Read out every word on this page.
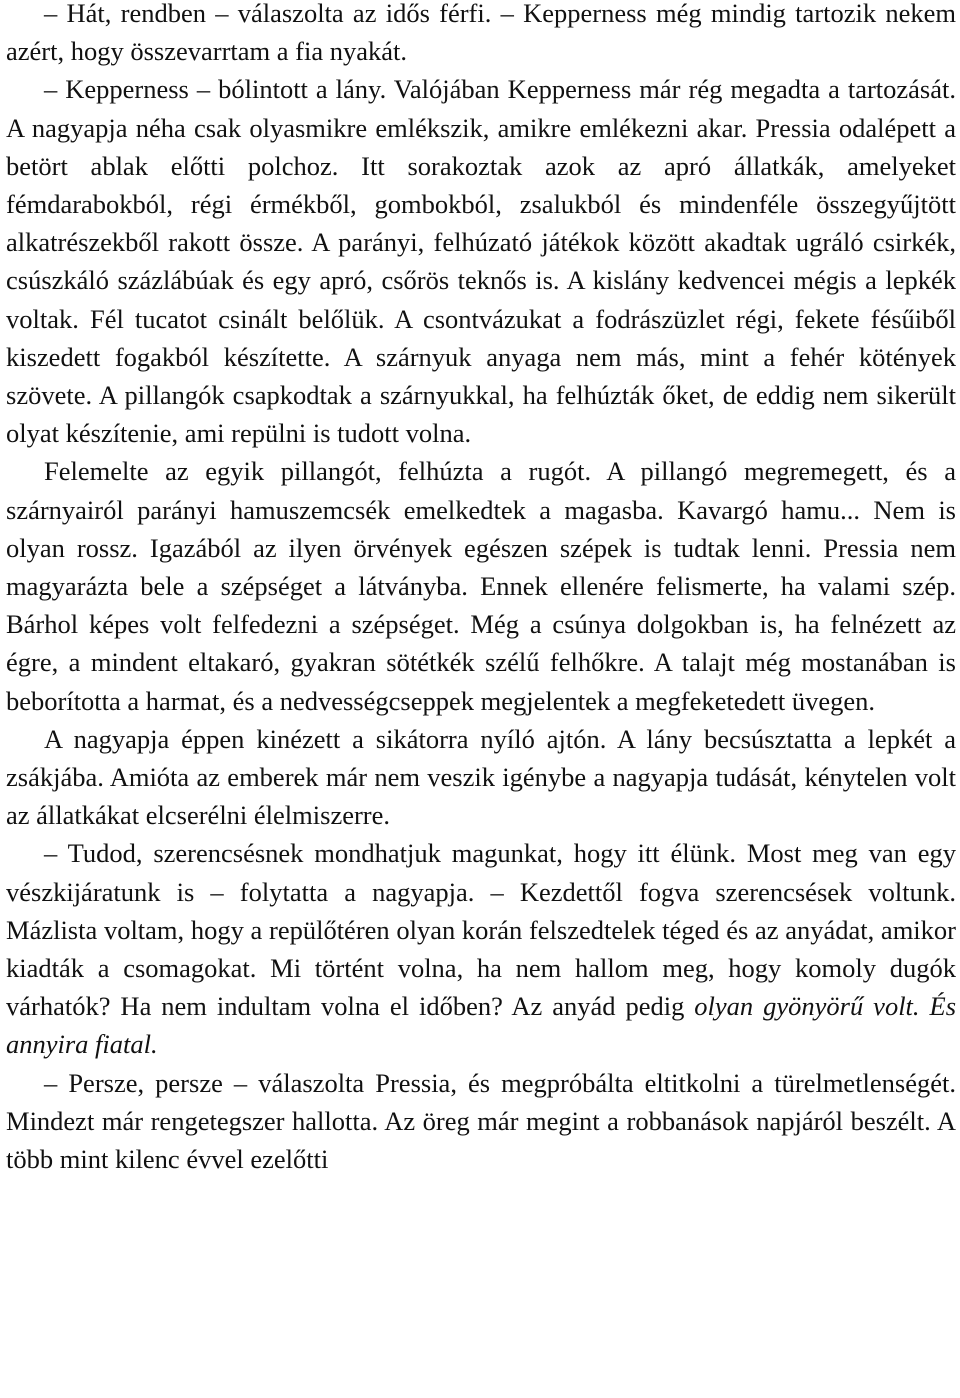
– Hát, rendben – válaszolta az idős férfi. – Kepperness még mindig tartozik nekem azért, hogy összevarrtam a fia nyakát.

– Kepperness – bólintott a lány. Valójában Kepperness már rég megadta a tartozását. A nagyapja néha csak olyasmikre emlékszik, amikre emlékezni akar. Pressia odalépett a betört ablak előtti polchoz. Itt sorakoztak azok az apró állatkák, amelyeket fémdarabokból, régi érmékből, gombokból, zsalukból és mindenféle összegyűjtött alkatrészekből rakott össze. A parányi, felhúzató játékok között akadtak ugráló csirkék, csúszkáló százlábúak és egy apró, csőrös teknős is. A kislány kedvencei mégis a lepkék voltak. Fél tucatot csinált belőlük. A csontvázukat a fodrászüzlet régi, fekete fésűiből kiszedett fogakból készítette. A szárnyuk anyaga nem más, mint a fehér kötények szövete. A pillangók csapkodtak a szárnyukkal, ha felhúzták őket, de eddig nem sikerült olyat készítenie, ami repülni is tudott volna.

Felemelte az egyik pillangót, felhúzta a rugót. A pillangó megremegett, és a szárnyairól parányi hamuszemcsék emelkedtek a magasba. Kavargó hamu... Nem is olyan rossz. Igazából az ilyen örvények egészen szépek is tudtak lenni. Pressia nem magyarázta bele a szépséget a látványba. Ennek ellenére felismerte, ha valami szép. Bárhol képes volt felfedezni a szépséget. Még a csúnya dolgokban is, ha felnézett az égre, a mindent eltakaró, gyakran sötétkék szélű felhőkre. A talajt még mostanában is beborította a harmat, és a nedvességcseppek megjelentek a megfeketedett üvegen.

A nagyapja éppen kinézett a sikátorra nyíló ajtón. A lány becsúsztatta a lepkét a zsákjába. Amióta az emberek már nem veszik igénybe a nagyapja tudását, kénytelen volt az állatkákat elcserélni élelmiszerre.

– Tudod, szerencsésnek mondhatjuk magunkat, hogy itt élünk. Most meg van egy vészkijáratunk is – folytatta a nagyapja. – Kezdettől fogva szerencsések voltunk. Mázlista voltam, hogy a repülőtéren olyan korán felszedtelek téged és az anyádat, amikor kiadták a csomagokat. Mi történt volna, ha nem hallom meg, hogy komoly dugók várhatók? Ha nem indultam volna el időben? Az anyád pedig olyan gyönyörű volt. És annyira fiatal.

– Persze, persze – válaszolta Pressia, és megpróbálta eltitkolni a türelmetlenségét. Mindezt már rengetegszer hallotta. Az öreg már megint a robbanások napjáról beszélt. A több mint kilenc évvel ezelőtti
